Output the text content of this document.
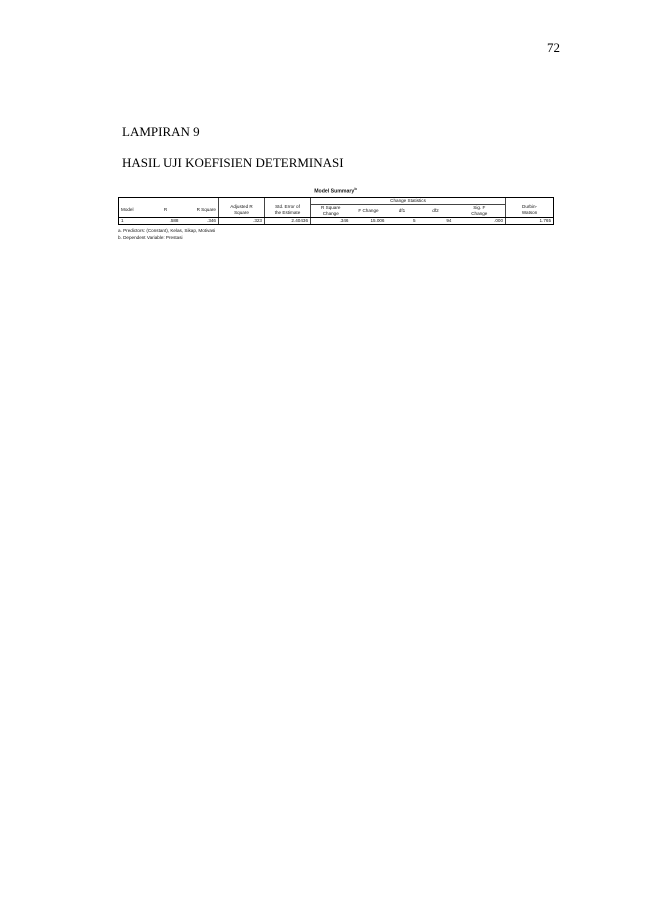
72
LAMPIRAN 9
HASIL UJI KOEFISIEN DETERMINASI
Model Summary$^b$
					Change Statistics					
Model	R	R Square	Adjusted R
Square	Std. Error of
the Estimate	R Square
Change	F Change	df1	df2	Sig. F
Change	Durbin-
Watson
1	.588	.346	.323	2.40436	.346	15.006	5	94	.000	1.765
a. Predictors: (Constant), Kelas, Sikap, Motivasi
b. Dependent Variable: Prestasi
